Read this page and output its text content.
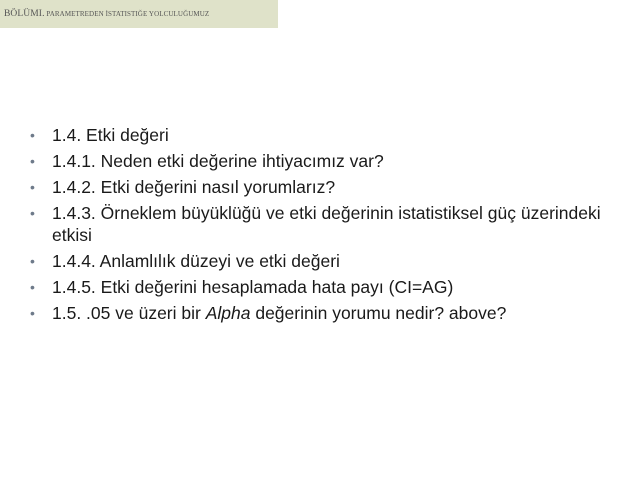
BÖLÜMI. PARAMETREDEN İSTATISTIĞE YOLCULUĞUMUZ
• 1.4. Etki değeri
• 1.4.1. Neden etki değerine ihtiyacımız var?
• 1.4.2. Etki değerini nasıl yorumlarız?
• 1.4.3. Örneklem büyüklüğü ve etki değerinin istatistiksel güç üzerindeki etkisi
• 1.4.4. Anlamlılık düzeyi ve etki değeri
• 1.4.5. Etki değerini hesaplamada hata payı (CI=AG)
• 1.5. .05 ve üzeri bir Alpha değerinin yorumu nedir? above?
